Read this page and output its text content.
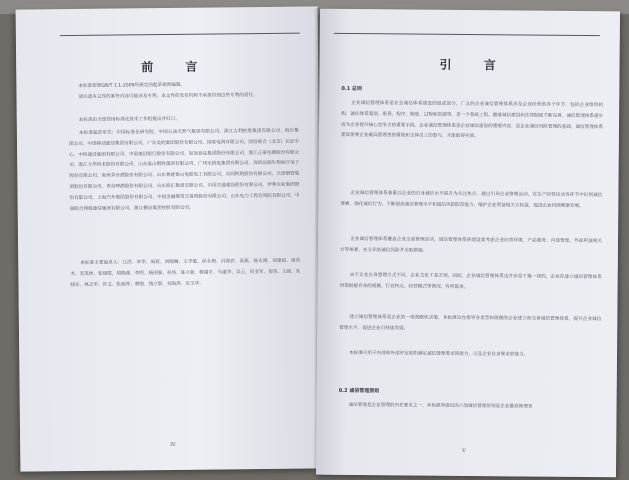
前 言

本标准按照GB/T 1.1-2009所规定的起草规则编制。

请注意本文件的某些内容可能涉及专利。本文件的发布机构不承担识别这些专利的责任。

本标准由全国信用标准化技术工作组提出并归口。

本标准起草单位：中国标准化研究院、中国石油天然气集团有限公司、浙江吉利控股集团有限公司、海尔集团公司、中国移动通信集团有限公司、广东美的集团股份有限公司、国家电网有限公司、国信联合（北京）认证中心、中铁建设集团有限公司、中国建设银行股份有限公司、加加食品集团股份有限公司、浙江正泰电器股份有限公司、浙江大华技术股份有限公司、山东泰山钢铁集团有限公司、广州无线电集团有限公司、深圳迈瑞生物医疗电子股份有限公司、贵州茅台酒股份有限公司、山东鲁能泰山电缆电工有限公司、东阿阿胶股份有限公司、天津钢管集团股份有限公司、青岛啤酒股份有限公司、山东海汇集团有限公司、中国交通建设股份有限公司、伊利实业集团股份有限公司、上海汽车集团股份有限公司、中国金融期货交易所股份有限公司、山东电力工程咨询院有限公司、中国联合网络通信集团有限公司、浙江横店集团控股有限公司。

本标准主要起草人：江洪、李华、周莉、刘晓琳、王学敏、徐永梅、冯海宾、高燕、杨永刚、刘建国、周英杰、李茂林、张晓霞、胡晓燕、李明、杨国强、孙伟、陈立新、杨建平、马建华、吴云、何亚军、郑伟、王强、朱晓东、林志军、许文、张丽萍、曹刚、钱立新、刘海涛、宋玉华。

IV
引 言
0.1 总则

企业诚信管理体系是社会诚信体系建设的组成部分，广义的企业诚信管理体系涉及企业经营的各个环节，包括企业组织机构、诚信体系策划、职责、程序、制度、过程和资源等。是一个系统工程。随着诚信建设和法律制度不断完善，诚信管理体系逐步成为企业提升核心竞争力的重要手段。企业诚信管理体系是企业诚信建设的重要内容，是企业诚信风险管理的基础，诚信管理体系建设需要企业最高管理者的重视和全体员工的参与，才能取得实效。

企业诚信管理体系着重以企业的自身诚信水平提升为关注焦点，通过引导企业管理活动，在生产经营活动各环节中识别诚信要素，强化诚信行为，不断提高诚信管理水平和诚信风险防范能力，维护企业利益相关方权益，促进企业持续健康发展。

企业诚信管理体系覆盖企业全面管理活动，诚信管理体系的建设需考虑企业经营环境、产品服务、内部管理、外部利益相关方等要素，充分识别诚信风险并采取措施。

由于企业自身管理方式不同，企业文化千差万别，因此，企业诚信管理体系也并非是千篇一律的，企业在建立诚信管理体系时需根据自身的规模、行业特点、经营模式等情况，有所取舍。

建立诚信管理体系是企业的一项战略性决策，本标准旨在指导各类型和规模的企业建立和完善诚信管理体系，提升企业诚信管理水平，促进企业可持续发展。

本标准可用于内部和外部评定组织满足诚信管理要求的能力，以及企业自身要求的能力。

0.2 诚信管理原则

诚信管理是企业管理的内在要求之一，本标准所提出的六项诚信管理原则是企业最高管理者

V
